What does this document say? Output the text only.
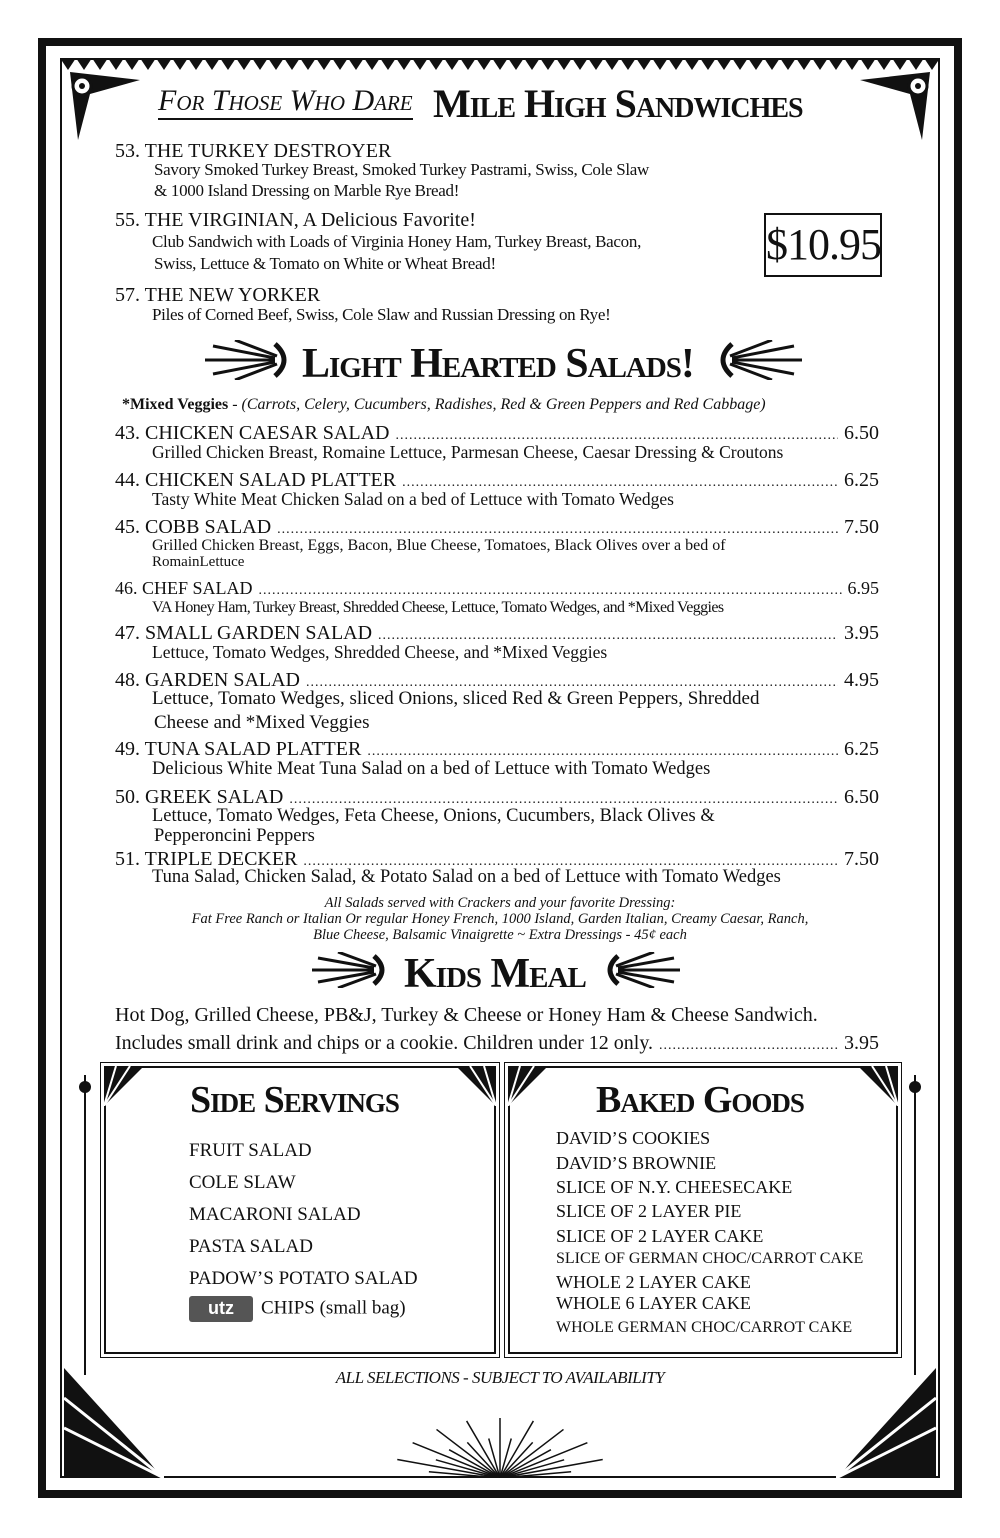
For Those Who Dare Mile High Sandwiches
53. THE TURKEY DESTROYER
Savory Smoked Turkey Breast, Smoked Turkey Pastrami, Swiss, Cole Slaw
& 1000 Island Dressing on Marble Rye Bread!
55. THE VIRGINIAN, A Delicious Favorite!
Club Sandwich with Loads of Virginia Honey Ham, Turkey Breast, Bacon,
Swiss, Lettuce & Tomato on White or Wheat Bread!
57. THE NEW YORKER
Piles of Corned Beef, Swiss, Cole Slaw and Russian Dressing on Rye!
$10.95
Light Hearted Salads!
*Mixed Veggies - (Carrots, Celery, Cucumbers, Radishes, Red & Green Peppers and Red Cabbage)
43. CHICKEN CAESAR SALAD .....	6.50
Grilled Chicken Breast, Romaine Lettuce, Parmesan Cheese, Caesar Dressing & Croutons
44. CHICKEN SALAD PLATTER .....	6.25
Tasty White Meat Chicken Salad on a bed of Lettuce with Tomato Wedges
45. COBB SALAD .....	7.50
Grilled Chicken Breast, Eggs, Bacon, Blue Cheese, Tomatoes, Black Olives over a bed of
RomainLettuce
46. CHEF SALAD .....	6.95
VA Honey Ham, Turkey Breast, Shredded Cheese, Lettuce, Tomato Wedges, and *Mixed Veggies
47. SMALL GARDEN SALAD .....	3.95
Lettuce, Tomato Wedges, Shredded Cheese, and *Mixed Veggies
48. GARDEN SALAD .....	4.95
Lettuce, Tomato Wedges, sliced Onions, sliced Red & Green Peppers, Shredded
Cheese and *Mixed Veggies
49. TUNA SALAD PLATTER .....	6.25
Delicious White Meat Tuna Salad on a bed of Lettuce with Tomato Wedges
50. GREEK SALAD .....	6.50
Lettuce, Tomato Wedges, Feta Cheese, Onions, Cucumbers, Black Olives &
Pepperoncini Peppers
51. TRIPLE DECKER .....	7.50
Tuna Salad, Chicken Salad, & Potato Salad on a bed of Lettuce with Tomato Wedges
All Salads served with Crackers and your favorite Dressing:
Fat Free Ranch or Italian Or regular Honey French, 1000 Island, Garden Italian, Creamy Caesar, Ranch,
Blue Cheese, Balsamic Vinaigrette ~ Extra Dressings - 45¢ each
Kids Meal
Hot Dog, Grilled Cheese, PB&J, Turkey & Cheese or Honey Ham & Cheese Sandwich.
Includes small drink and chips or a cookie. Children under 12 only. .....	3.95
Side Servings
FRUIT SALAD
COLE SLAW
MACARONI SALAD
PASTA SALAD
PADOW’S POTATO SALAD
utz CHIPS (small bag)
Baked Goods
DAVID’S COOKIES
DAVID’S BROWNIE
SLICE OF N.Y. CHEESECAKE
SLICE OF 2 LAYER PIE
SLICE OF 2 LAYER CAKE
SLICE OF GERMAN CHOC/CARROT CAKE
WHOLE 2 LAYER CAKE
WHOLE 6 LAYER CAKE
WHOLE GERMAN CHOC/CARROT CAKE
ALL SELECTIONS - SUBJECT TO AVAILABILITY
